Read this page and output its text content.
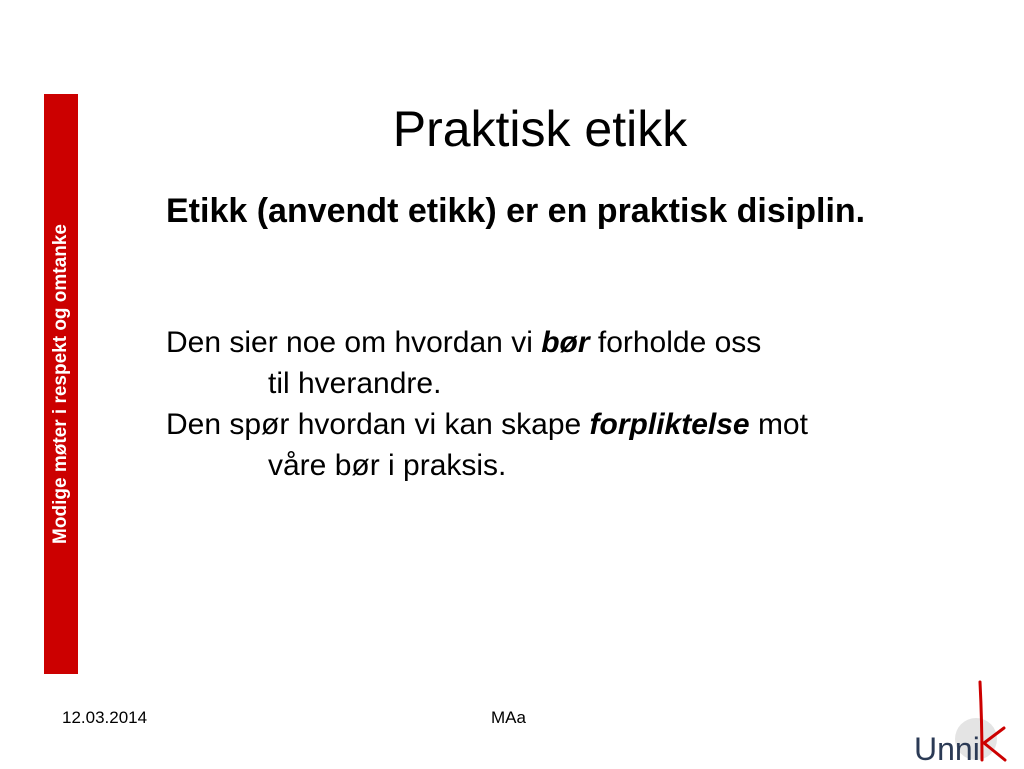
Modige møter i respekt og omtanke
Praktisk etikk

Etikk (anvendt etikk) er en praktisk disiplin.

Den sier noe om hvordan vi bør forholde oss
til hverandre.
Den spør hvordan vi kan skape forpliktelse mot
våre bør i praksis.
12.03.2014	MAa
Unni
